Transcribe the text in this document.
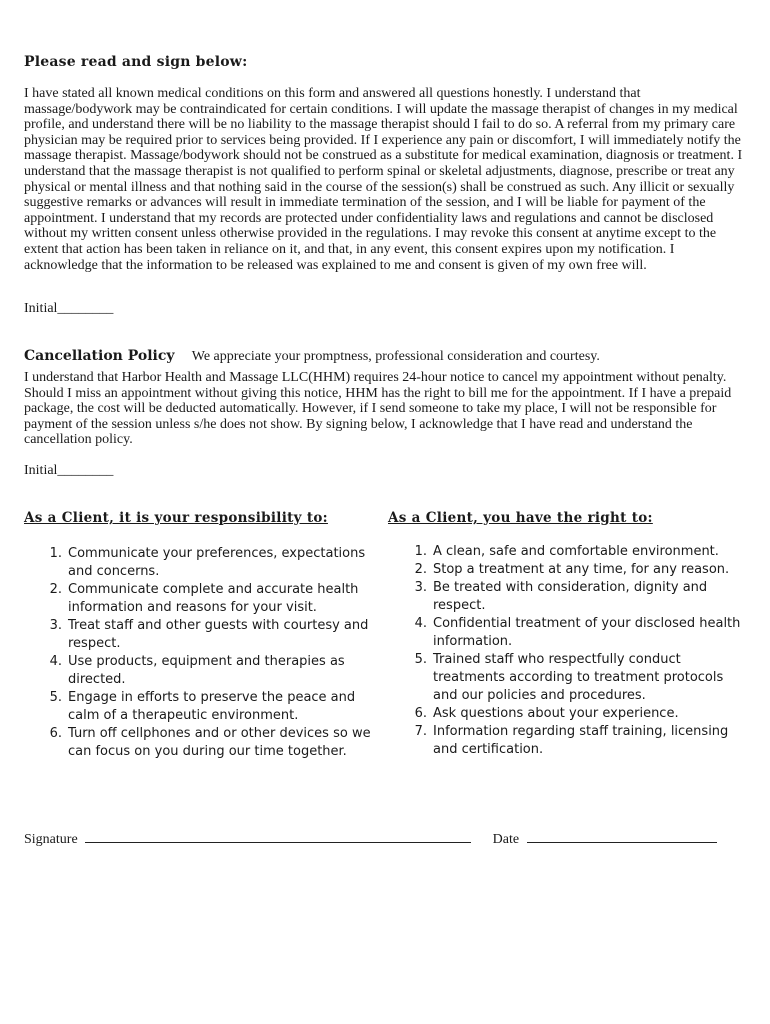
Please read and sign below:

I have stated all known medical conditions on this form and answered all questions honestly. I understand that massage/bodywork may be contraindicated for certain conditions. I will update the massage therapist of changes in my medical profile, and understand there will be no liability to the massage therapist should I fail to do so. A referral from my primary care physician may be required prior to services being provided. If I experience any pain or discomfort, I will immediately notify the massage therapist. Massage/bodywork should not be construed as a substitute for medical examination, diagnosis or treatment. I understand that the massage therapist is not qualified to perform spinal or skeletal adjustments, diagnose, prescribe or treat any physical or mental illness and that nothing said in the course of the session(s) shall be construed as such. Any illicit or sexually suggestive remarks or advances will result in immediate termination of the session, and I will be liable for payment of the appointment. I understand that my records are protected under confidentiality laws and regulations and cannot be disclosed without my written consent unless otherwise provided in the regulations. I may revoke this consent at anytime except to the extent that action has been taken in reliance on it, and that, in any event, this consent expires upon my notification. I acknowledge that the information to be released was explained to me and consent is given of my own free will.

Initial________
Cancellation Policy We appreciate your promptness, professional consideration and courtesy.

I understand that Harbor Health and Massage LLC(HHM) requires 24-hour notice to cancel my appointment without penalty. Should I miss an appointment without giving this notice, HHM has the right to bill me for the appointment. If I have a prepaid package, the cost will be deducted automatically. However, if I send someone to take my place, I will not be responsible for payment of the session unless s/he does not show. By signing below, I acknowledge that I have read and understand the cancellation policy.

Initial________
As a Client, it is your responsibility to:
1. Communicate your preferences, expectations and concerns.
2. Communicate complete and accurate health information and reasons for your visit.
3. Treat staff and other guests with courtesy and respect.
4. Use products, equipment and therapies as directed.
5. Engage in efforts to preserve the peace and calm of a therapeutic environment.
6. Turn off cellphones and or other devices so we can focus on you during our time together.
As a Client, you have the right to:
1. A clean, safe and comfortable environment.
2. Stop a treatment at any time, for any reason.
3. Be treated with consideration, dignity and respect.
4. Confidential treatment of your disclosed health information.
5. Trained staff who respectfully conduct treatments according to treatment protocols and our policies and procedures.
6. Ask questions about your experience.
7. Information regarding staff training, licensing and certification.
Signature	Date
